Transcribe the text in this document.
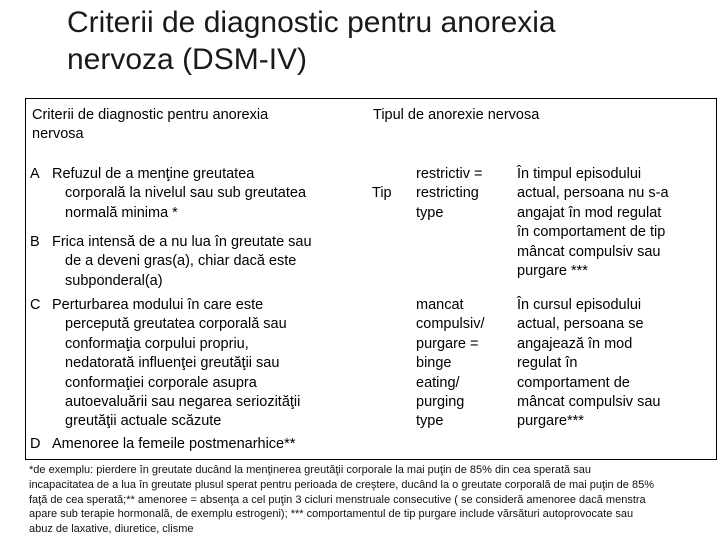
Criterii de diagnostic pentru anorexia
nervoza (DSM-IV)
Criterii de diagnostic pentru anorexia
nervosa
Tipul de anorexie nervosa
A Refuzul de a menţine greutatea
corporală la nivelul sau sub greutatea
normală minima *
B Frica intensă de a nu lua în greutate sau
de a deveni gras(a), chiar dacă este
subponderal(a)
C Perturbarea modului în care este
perceputǎ greutatea corporalǎ sau
conformaţia corpului propriu,
nedatorată influenţei greutăţii sau
conformaţiei corporale asupra
autoevaluării sau negarea seriozităţii
greutăţii actuale scăzute
D Amenoree la femeile postmenarhice**
Tip
restrictiv =
restricting
type
În timpul episodului
actual, persoana nu s-a
angajat în mod regulat
în comportament de tip
mâncat compulsiv sau
purgare ***
mancat
compulsiv/
purgare =
binge
eating/
purging
type
În cursul episodului
actual, persoana se
angajează în mod
regulat în
comportament de
mâncat compulsiv sau
purgare***
*de exemplu: pierdere în greutate ducând la menţinerea greutăţii corporale la mai puţin de 85% din cea sperată sau
incapacitatea de a lua în greutate plusul sperat pentru perioada de creştere, ducând la o greutate corporală de mai puţin de 85%
faţă de cea sperată;** amenoree = absenţa a cel puţin 3 cicluri menstruale consecutive ( se consideră amenoree dacă menstra
apare sub terapie hormonală, de exemplu estrogeni); *** comportamentul de tip purgare include vărsături autoprovocate sau
abuz de laxative, diuretice, clisme
